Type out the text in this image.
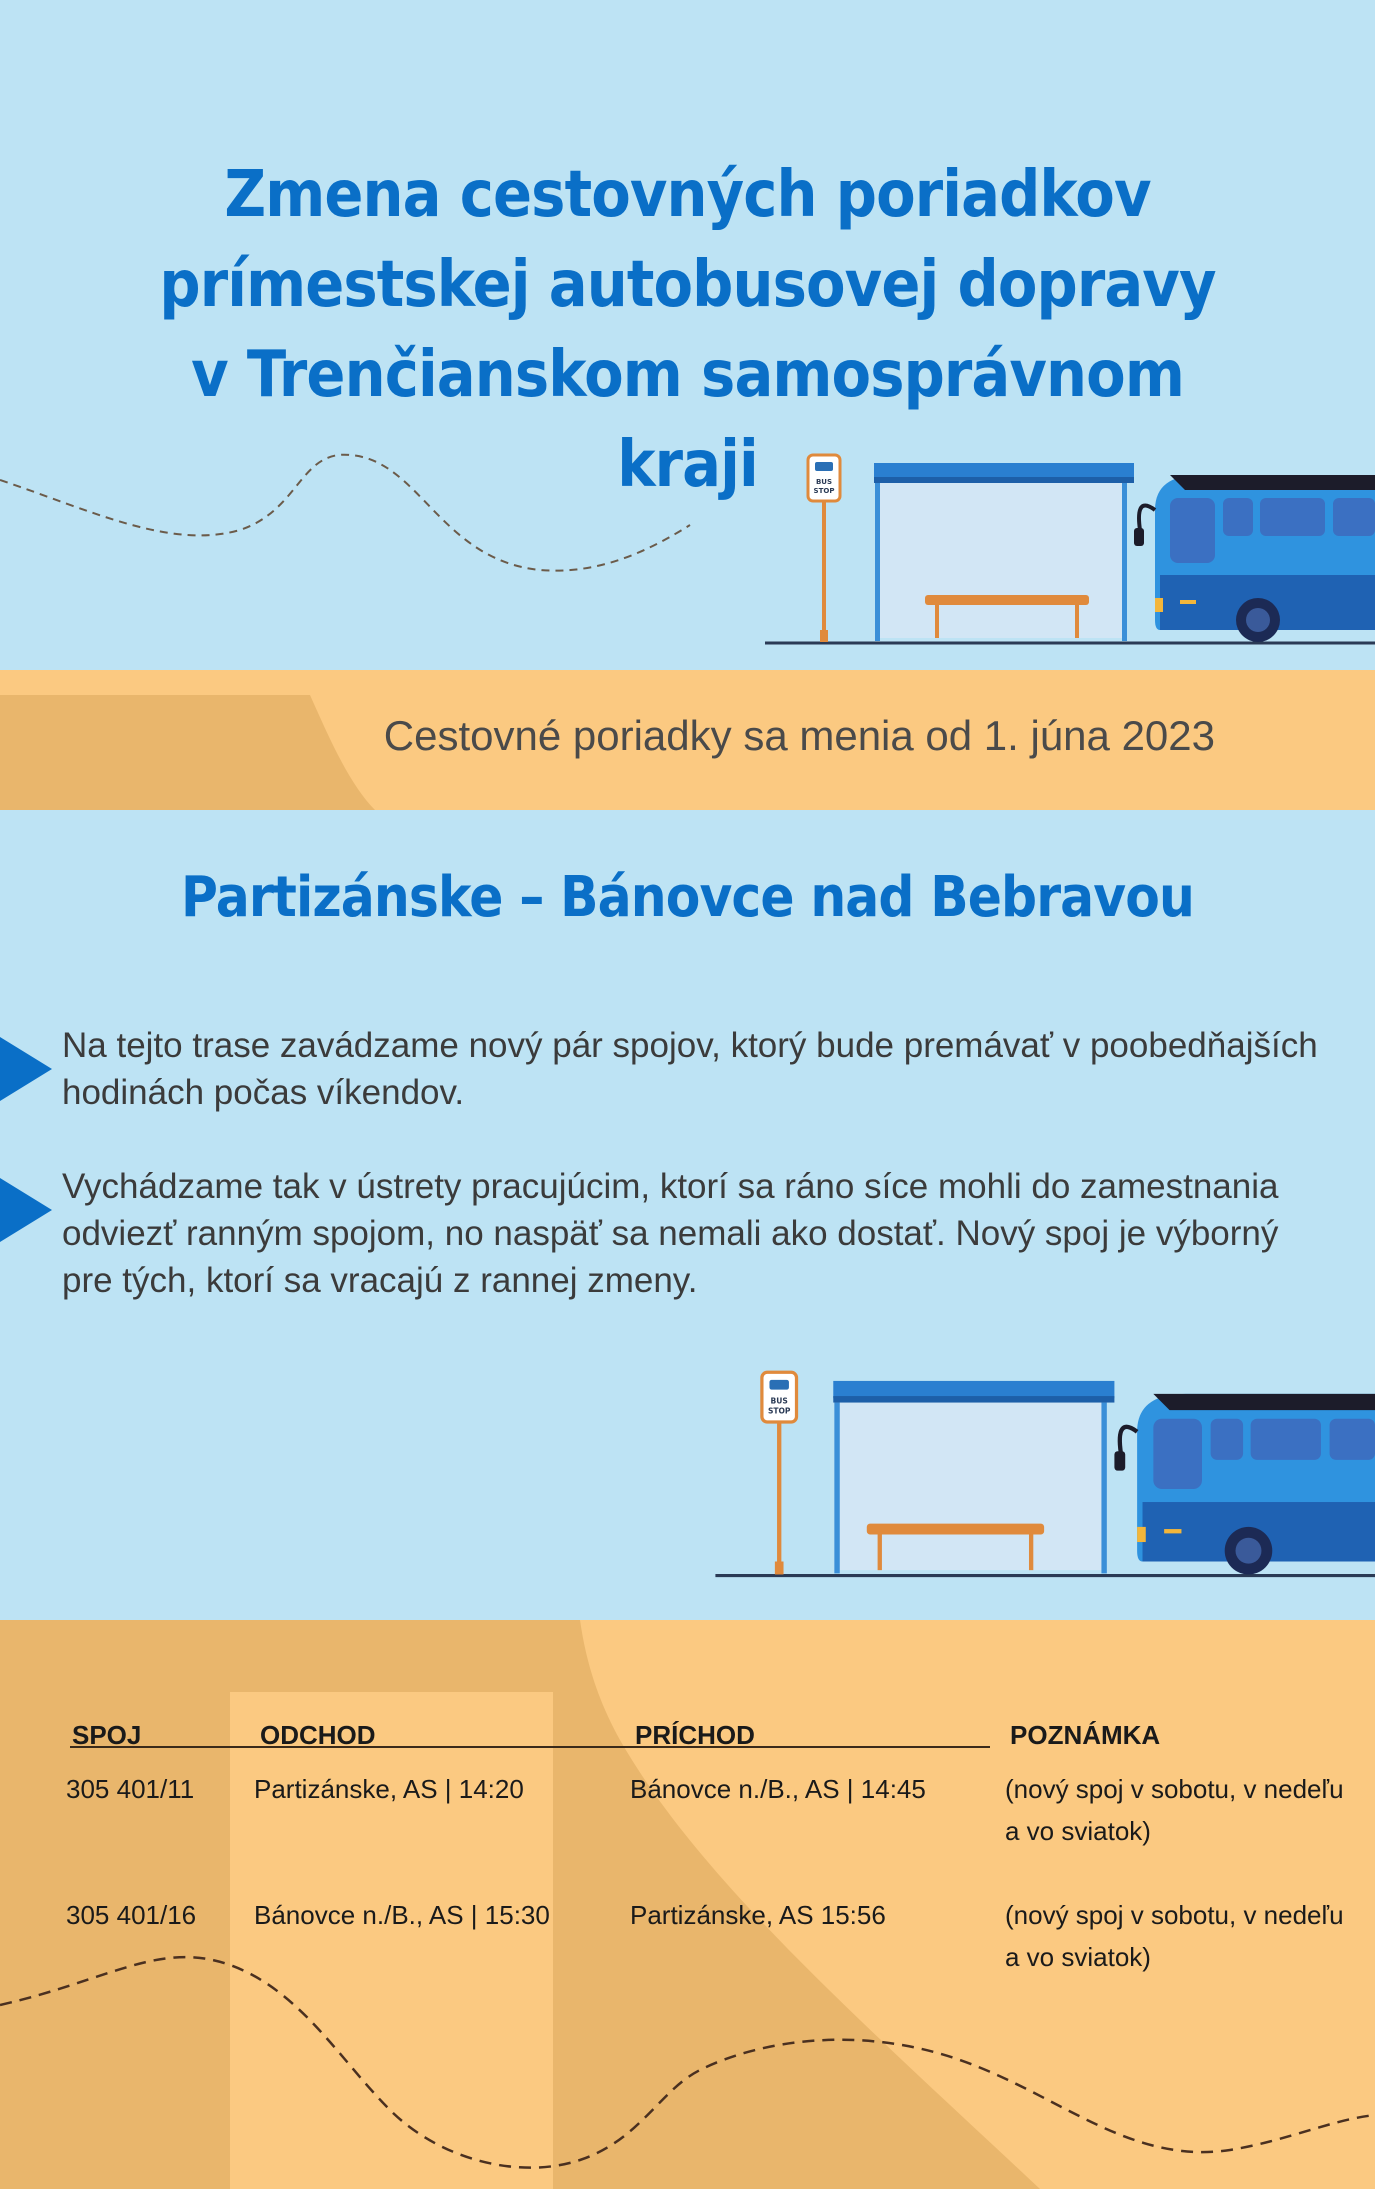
Zmena cestovných poriadkov
prímestskej autobusovej dopravy
v Trenčianskom samosprávnom kraji	BUS
STOP

Cestovné poriadky sa menia od 1. júna 2023

Partizánske – Bánovce nad Bebravou

Na tejto trase zavádzame nový pár spojov, ktorý bude premávať v poobedňajších hodinách počas víkendov.

Vychádzame tak v ústrety pracujúcim, ktorí sa ráno síce mohli do zamestnania odviezť ranným spojom, no naspäť sa nemali ako dostať. Nový spoj je výborný pre tých, ktorí sa vracajú z rannej zmeny.

BUS
STOP

SPOJ	ODCHOD	PRÍCHOD	POZNÁMKA

305 401/11 Partizánske, AS | 14:20	Bánovce n./B., AS | 14:45	(nový spoj v sobotu, v nedeľu

a vo sviatok)

305 401/16 Bánovce n./B., AS | 15:30	Partizánske, AS 15:56	(nový spoj v sobotu, v nedeľu

a vo sviatok)
